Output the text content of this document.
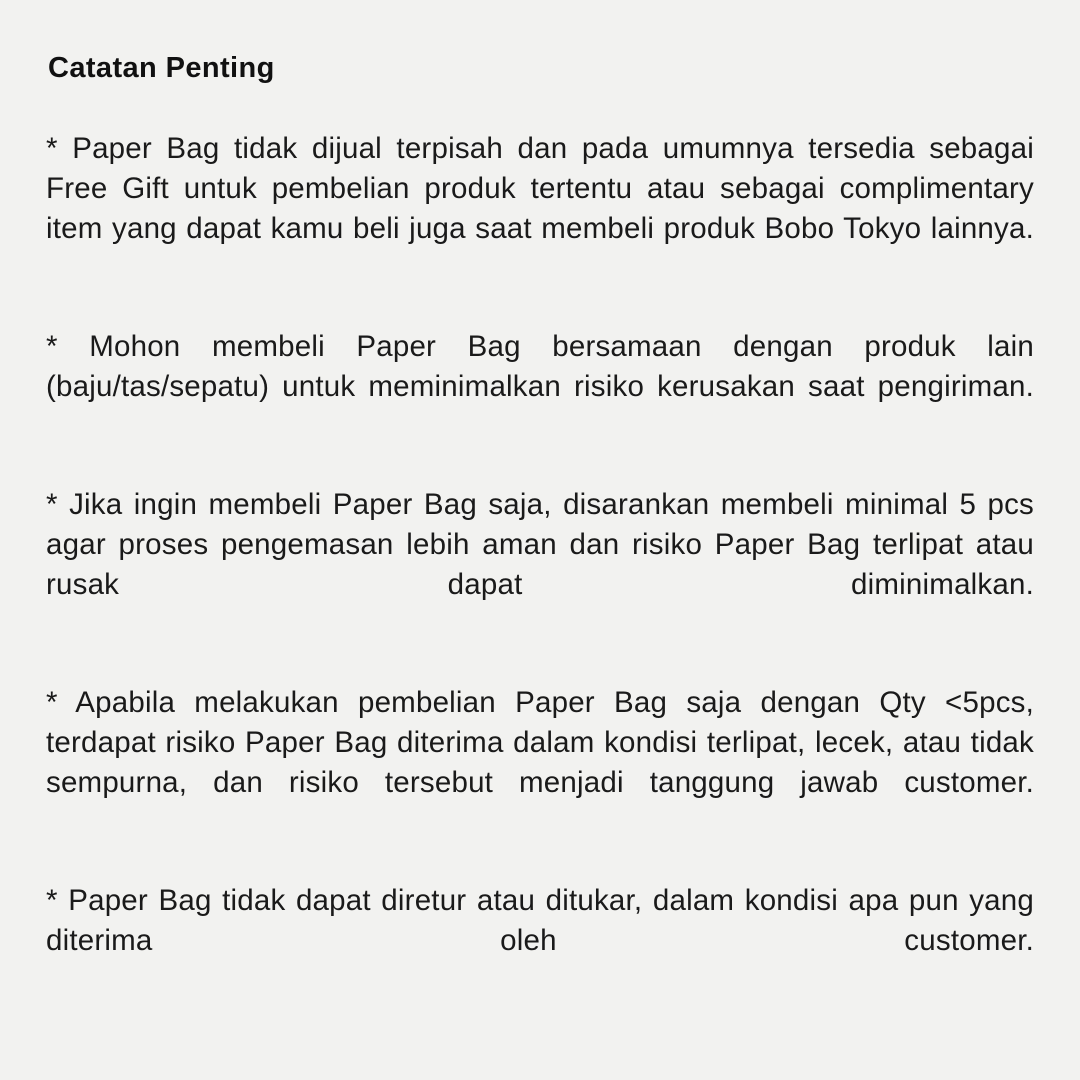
Catatan Penting

* Paper Bag tidak dijual terpisah dan pada umumnya tersedia sebagai Free Gift untuk pembelian produk tertentu atau sebagai complimentary item yang dapat kamu beli juga saat membeli produk Bobo Tokyo lainnya.

* Mohon membeli Paper Bag bersamaan dengan produk lain (baju/tas/sepatu) untuk meminimalkan risiko kerusakan saat pengiriman.

* Jika ingin membeli Paper Bag saja, disarankan membeli minimal 5 pcs agar proses pengemasan lebih aman dan risiko Paper Bag terlipat atau rusak dapat diminimalkan.

* Apabila melakukan pembelian Paper Bag saja dengan Qty <5pcs, terdapat risiko Paper Bag diterima dalam kondisi terlipat, lecek, atau tidak sempurna, dan risiko tersebut menjadi tanggung jawab customer.

* Paper Bag tidak dapat diretur atau ditukar, dalam kondisi apa pun yang diterima oleh customer.
